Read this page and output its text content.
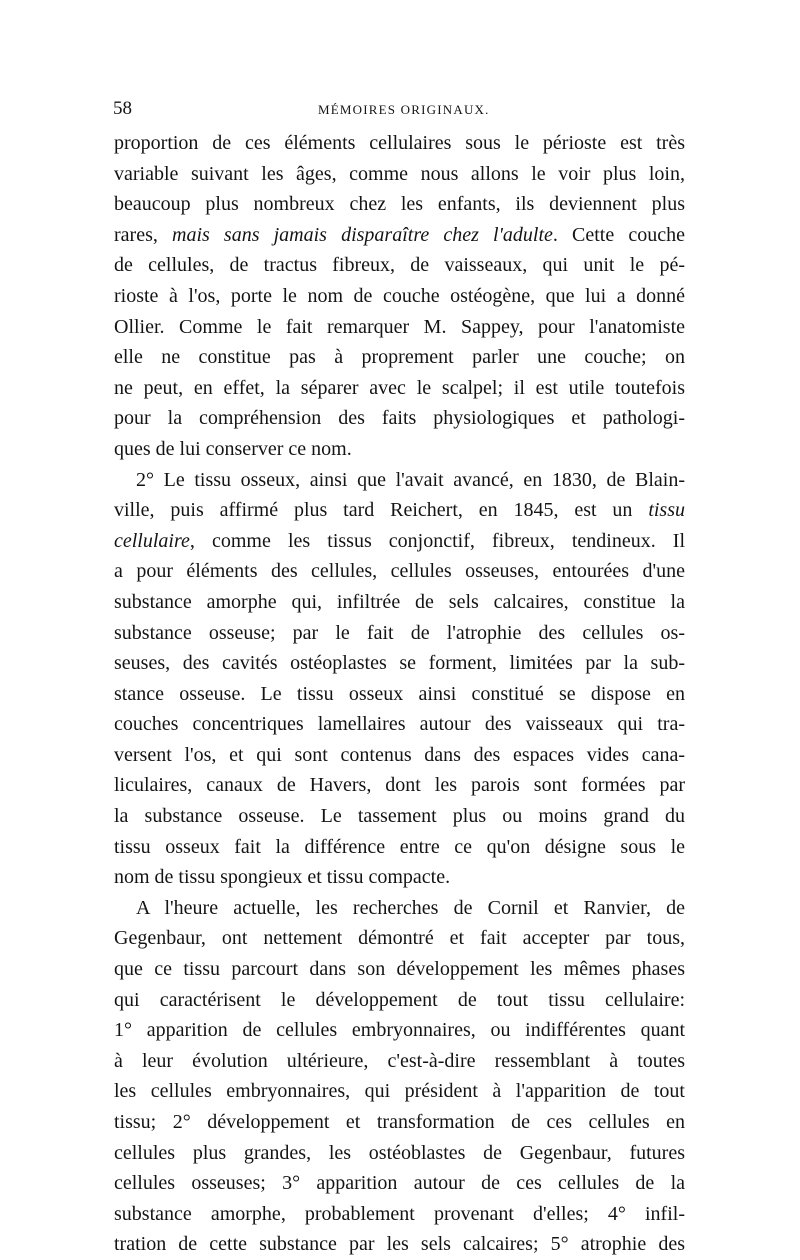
58	MÉMOIRES ORIGINAUX.
proportion de ces éléments cellulaires sous le périoste est très
variable suivant les âges, comme nous allons le voir plus loin,
beaucoup plus nombreux chez les enfants, ils deviennent plus
rares, mais sans jamais disparaître chez l'adulte. Cette couche
de cellules, de tractus fibreux, de vaisseaux, qui unit le pé-
rioste à l'os, porte le nom de couche ostéogène, que lui a donné
Ollier. Comme le fait remarquer M. Sappey, pour l'anatomiste
elle ne constitue pas à proprement parler une couche; on
ne peut, en effet, la séparer avec le scalpel; il est utile toutefois
pour la compréhension des faits physiologiques et pathologi-
ques de lui conserver ce nom.
2° Le tissu osseux, ainsi que l'avait avancé, en 1830, de Blain-
ville, puis affirmé plus tard Reichert, en 1845, est un tissu
cellulaire, comme les tissus conjonctif, fibreux, tendineux. Il
a pour éléments des cellules, cellules osseuses, entourées d'une
substance amorphe qui, infiltrée de sels calcaires, constitue la
substance osseuse; par le fait de l'atrophie des cellules os-
seuses, des cavités ostéoplastes se forment, limitées par la sub-
stance osseuse. Le tissu osseux ainsi constitué se dispose en
couches concentriques lamellaires autour des vaisseaux qui tra-
versent l'os, et qui sont contenus dans des espaces vides cana-
liculaires, canaux de Havers, dont les parois sont formées par
la substance osseuse. Le tassement plus ou moins grand du
tissu osseux fait la différence entre ce qu'on désigne sous le
nom de tissu spongieux et tissu compacte.
A l'heure actuelle, les recherches de Cornil et Ranvier, de
Gegenbaur, ont nettement démontré et fait accepter par tous,
que ce tissu parcourt dans son développement les mêmes phases
qui caractérisent le développement de tout tissu cellulaire:
1° apparition de cellules embryonnaires, ou indifférentes quant
à leur évolution ultérieure, c'est-à-dire ressemblant à toutes
les cellules embryonnaires, qui président à l'apparition de tout
tissu; 2° développement et transformation de ces cellules en
cellules plus grandes, les ostéoblastes de Gegenbaur, futures
cellules osseuses; 3° apparition autour de ces cellules de la
substance amorphe, probablement provenant d'elles; 4° infil-
tration de cette substance par les sels calcaires; 5° atrophie des
